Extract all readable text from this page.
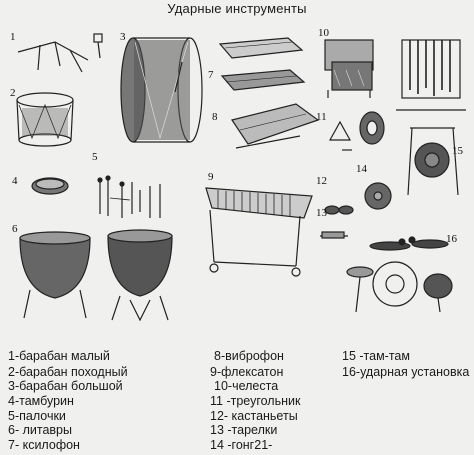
Ударные инструменты
1
2
3
4
5
6
7
9
8
10
11
12
13
14
15
16
1-барабан малый
2-барабан походный
3-барабан большой
4-тамбурин
5-палочки
6- литавры
7- ксилофон
8-вибрoфон
9-флексатон
10-челеста
11 -треугольник
12- кастаньеты
13 -тарелки
14 -гонг21-
15 -там-там
16-ударная установка
